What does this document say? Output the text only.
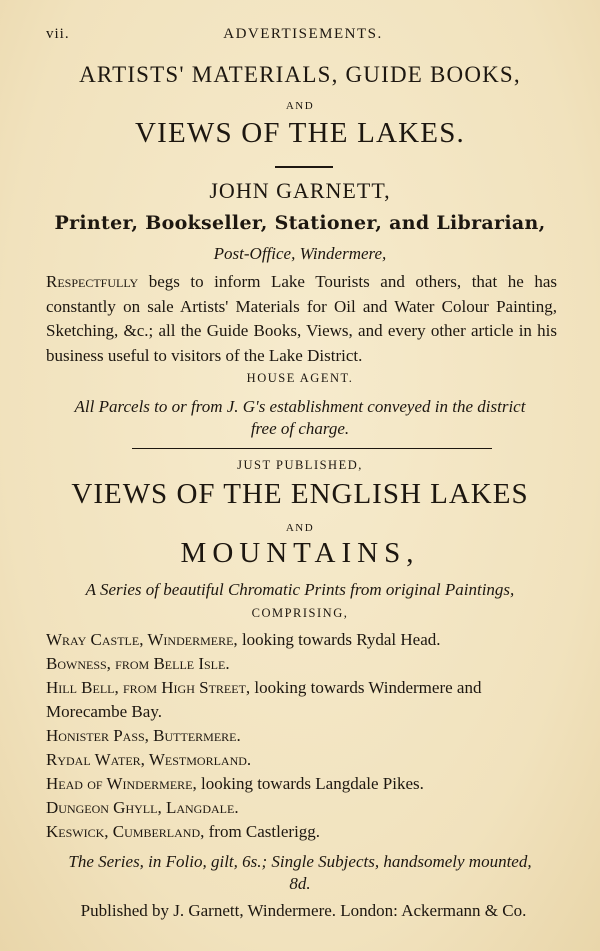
ADVERTISEMENTS.
vii.
ARTISTS' MATERIALS, GUIDE BOOKS,
AND
VIEWS OF THE LAKES.
JOHN GARNETT,
Printer, Bookseller, Stationer, and Librarian,
Post-Office, Windermere,
Respectfully begs to inform Lake Tourists and others, that he has constantly on sale Artists' Materials for Oil and Water Colour Painting, Sketching, &c.; all the Guide Books, Views, and every other article in his business useful to visitors of the Lake District.
HOUSE AGENT.
All Parcels to or from J. G's establishment conveyed in the district free of charge.
JUST PUBLISHED,
VIEWS OF THE ENGLISH LAKES
AND
MOUNTAINS,
A Series of beautiful Chromatic Prints from original Paintings,
COMPRISING,
Wray Castle, Windermere, looking towards Rydal Head.
Bowness, from Belle Isle.
Hill Bell, from High Street, looking towards Windermere and Morecambe Bay.
Honister Pass, Buttermere.
Rydal Water, Westmorland.
Head of Windermere, looking towards Langdale Pikes.
Dungeon Ghyll, Langdale.
Keswick, Cumberland, from Castlerigg.
The Series, in Folio, gilt, 6s.; Single Subjects, handsomely mounted, 8d.
Published by J. Garnett, Windermere. London: Ackermann & Co.
